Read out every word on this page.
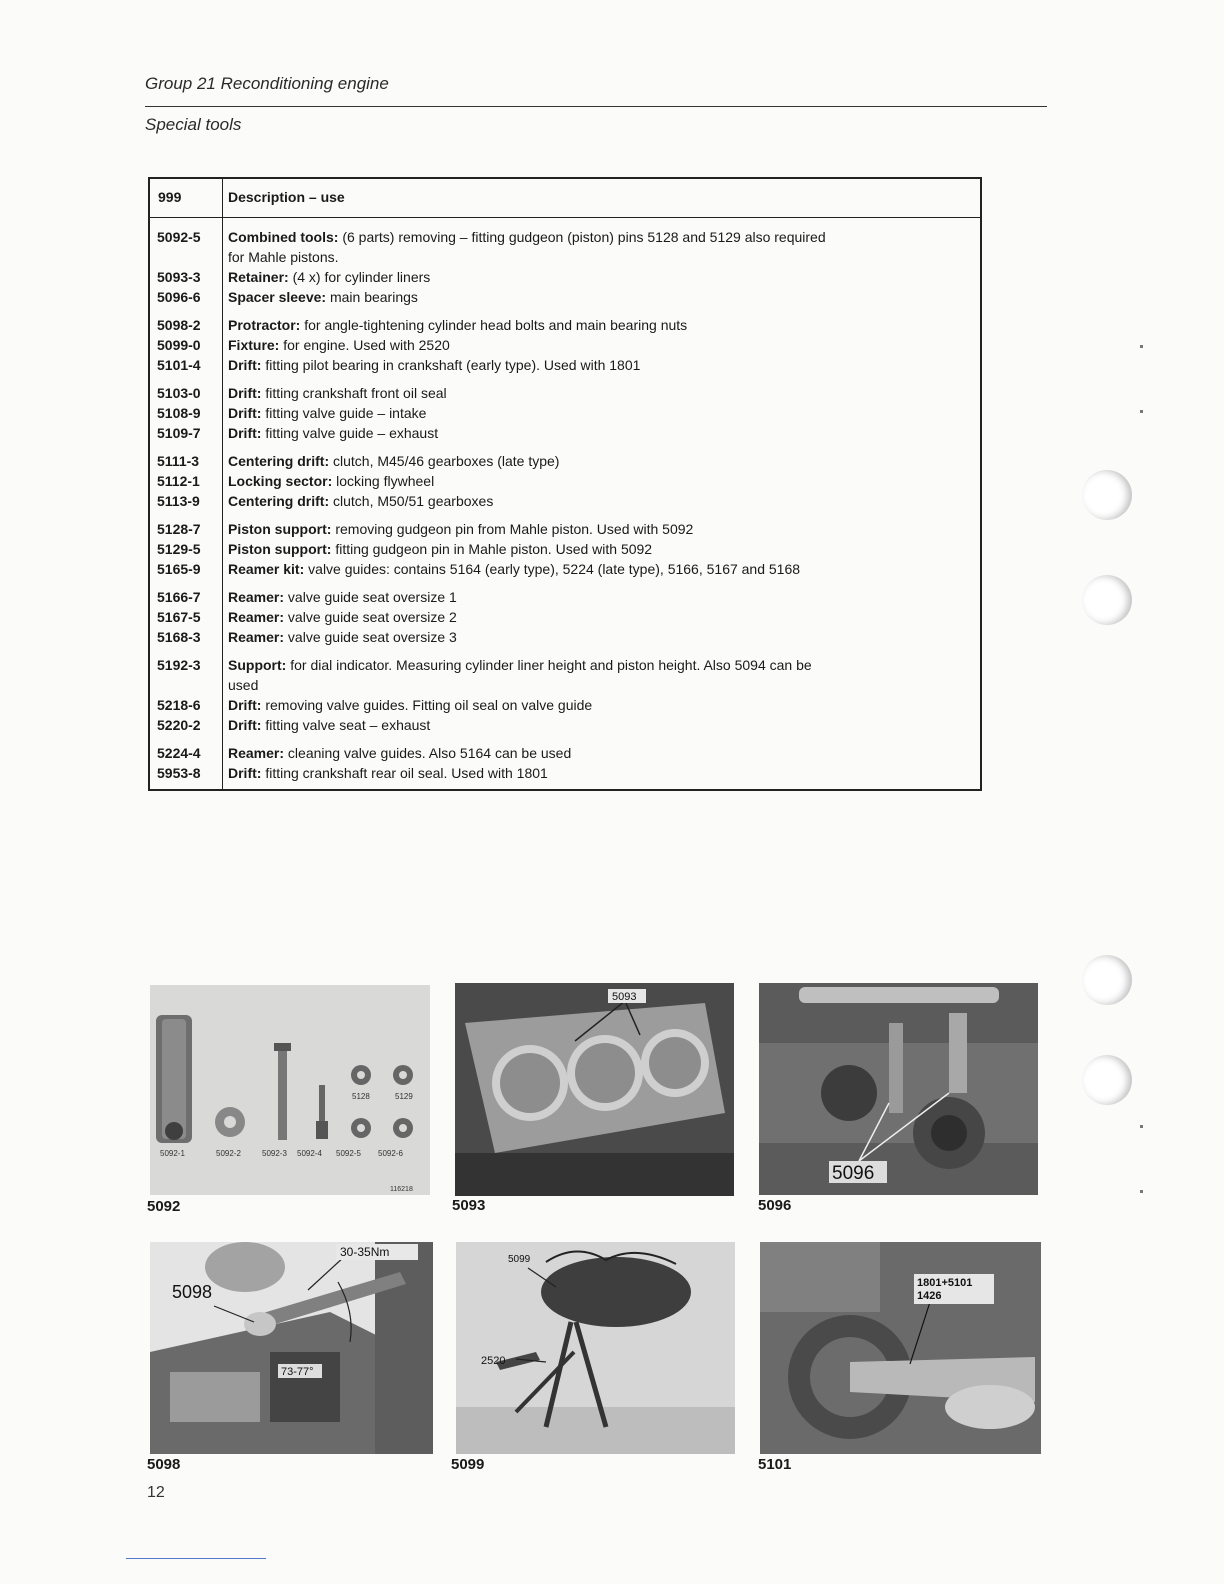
Group 21 Reconditioning engine
Special tools
999	Description – use
5092-5	Combined tools: (6 parts) removing – fitting gudgeon (piston) pins 5128 and 5129 also required
for Mahle pistons.
5093-3	Retainer: (4 x) for cylinder liners
5096-6	Spacer sleeve: main bearings
5098-2	Protractor: for angle-tightening cylinder head bolts and main bearing nuts
5099-0	Fixture: for engine. Used with 2520
5101-4	Drift: fitting pilot bearing in crankshaft (early type). Used with 1801
5103-0	Drift: fitting crankshaft front oil seal
5108-9	Drift: fitting valve guide – intake
5109-7	Drift: fitting valve guide – exhaust
5111-3	Centering drift: clutch, M45/46 gearboxes (late type)
5112-1	Locking sector: locking flywheel
5113-9	Centering drift: clutch, M50/51 gearboxes
5128-7	Piston support: removing gudgeon pin from Mahle piston. Used with 5092
5129-5	Piston support: fitting gudgeon pin in Mahle piston. Used with 5092
5165-9	Reamer kit: valve guides: contains 5164 (early type), 5224 (late type), 5166, 5167 and 5168
5166-7	Reamer: valve guide seat oversize 1
5167-5	Reamer: valve guide seat oversize 2
5168-3	Reamer: valve guide seat oversize 3
5192-3	Support: for dial indicator. Measuring cylinder liner height and piston height. Also 5094 can be
used
5218-6	Drift: removing valve guides. Fitting oil seal on valve guide
5220-2	Drift: fitting valve seat – exhaust
5224-4	Reamer: cleaning valve guides. Also 5164 can be used
5953-8	Drift: fitting crankshaft rear oil seal. Used with 1801
5092-1	5092-2	5092-3 5092-4 5092-5 5092-6
5128	5129
116218
5092
5093
5093
5096
5096
30-35Nm
5098
73-77°
5098
5099
2520
5099
1801+5101
1426
5101
12
